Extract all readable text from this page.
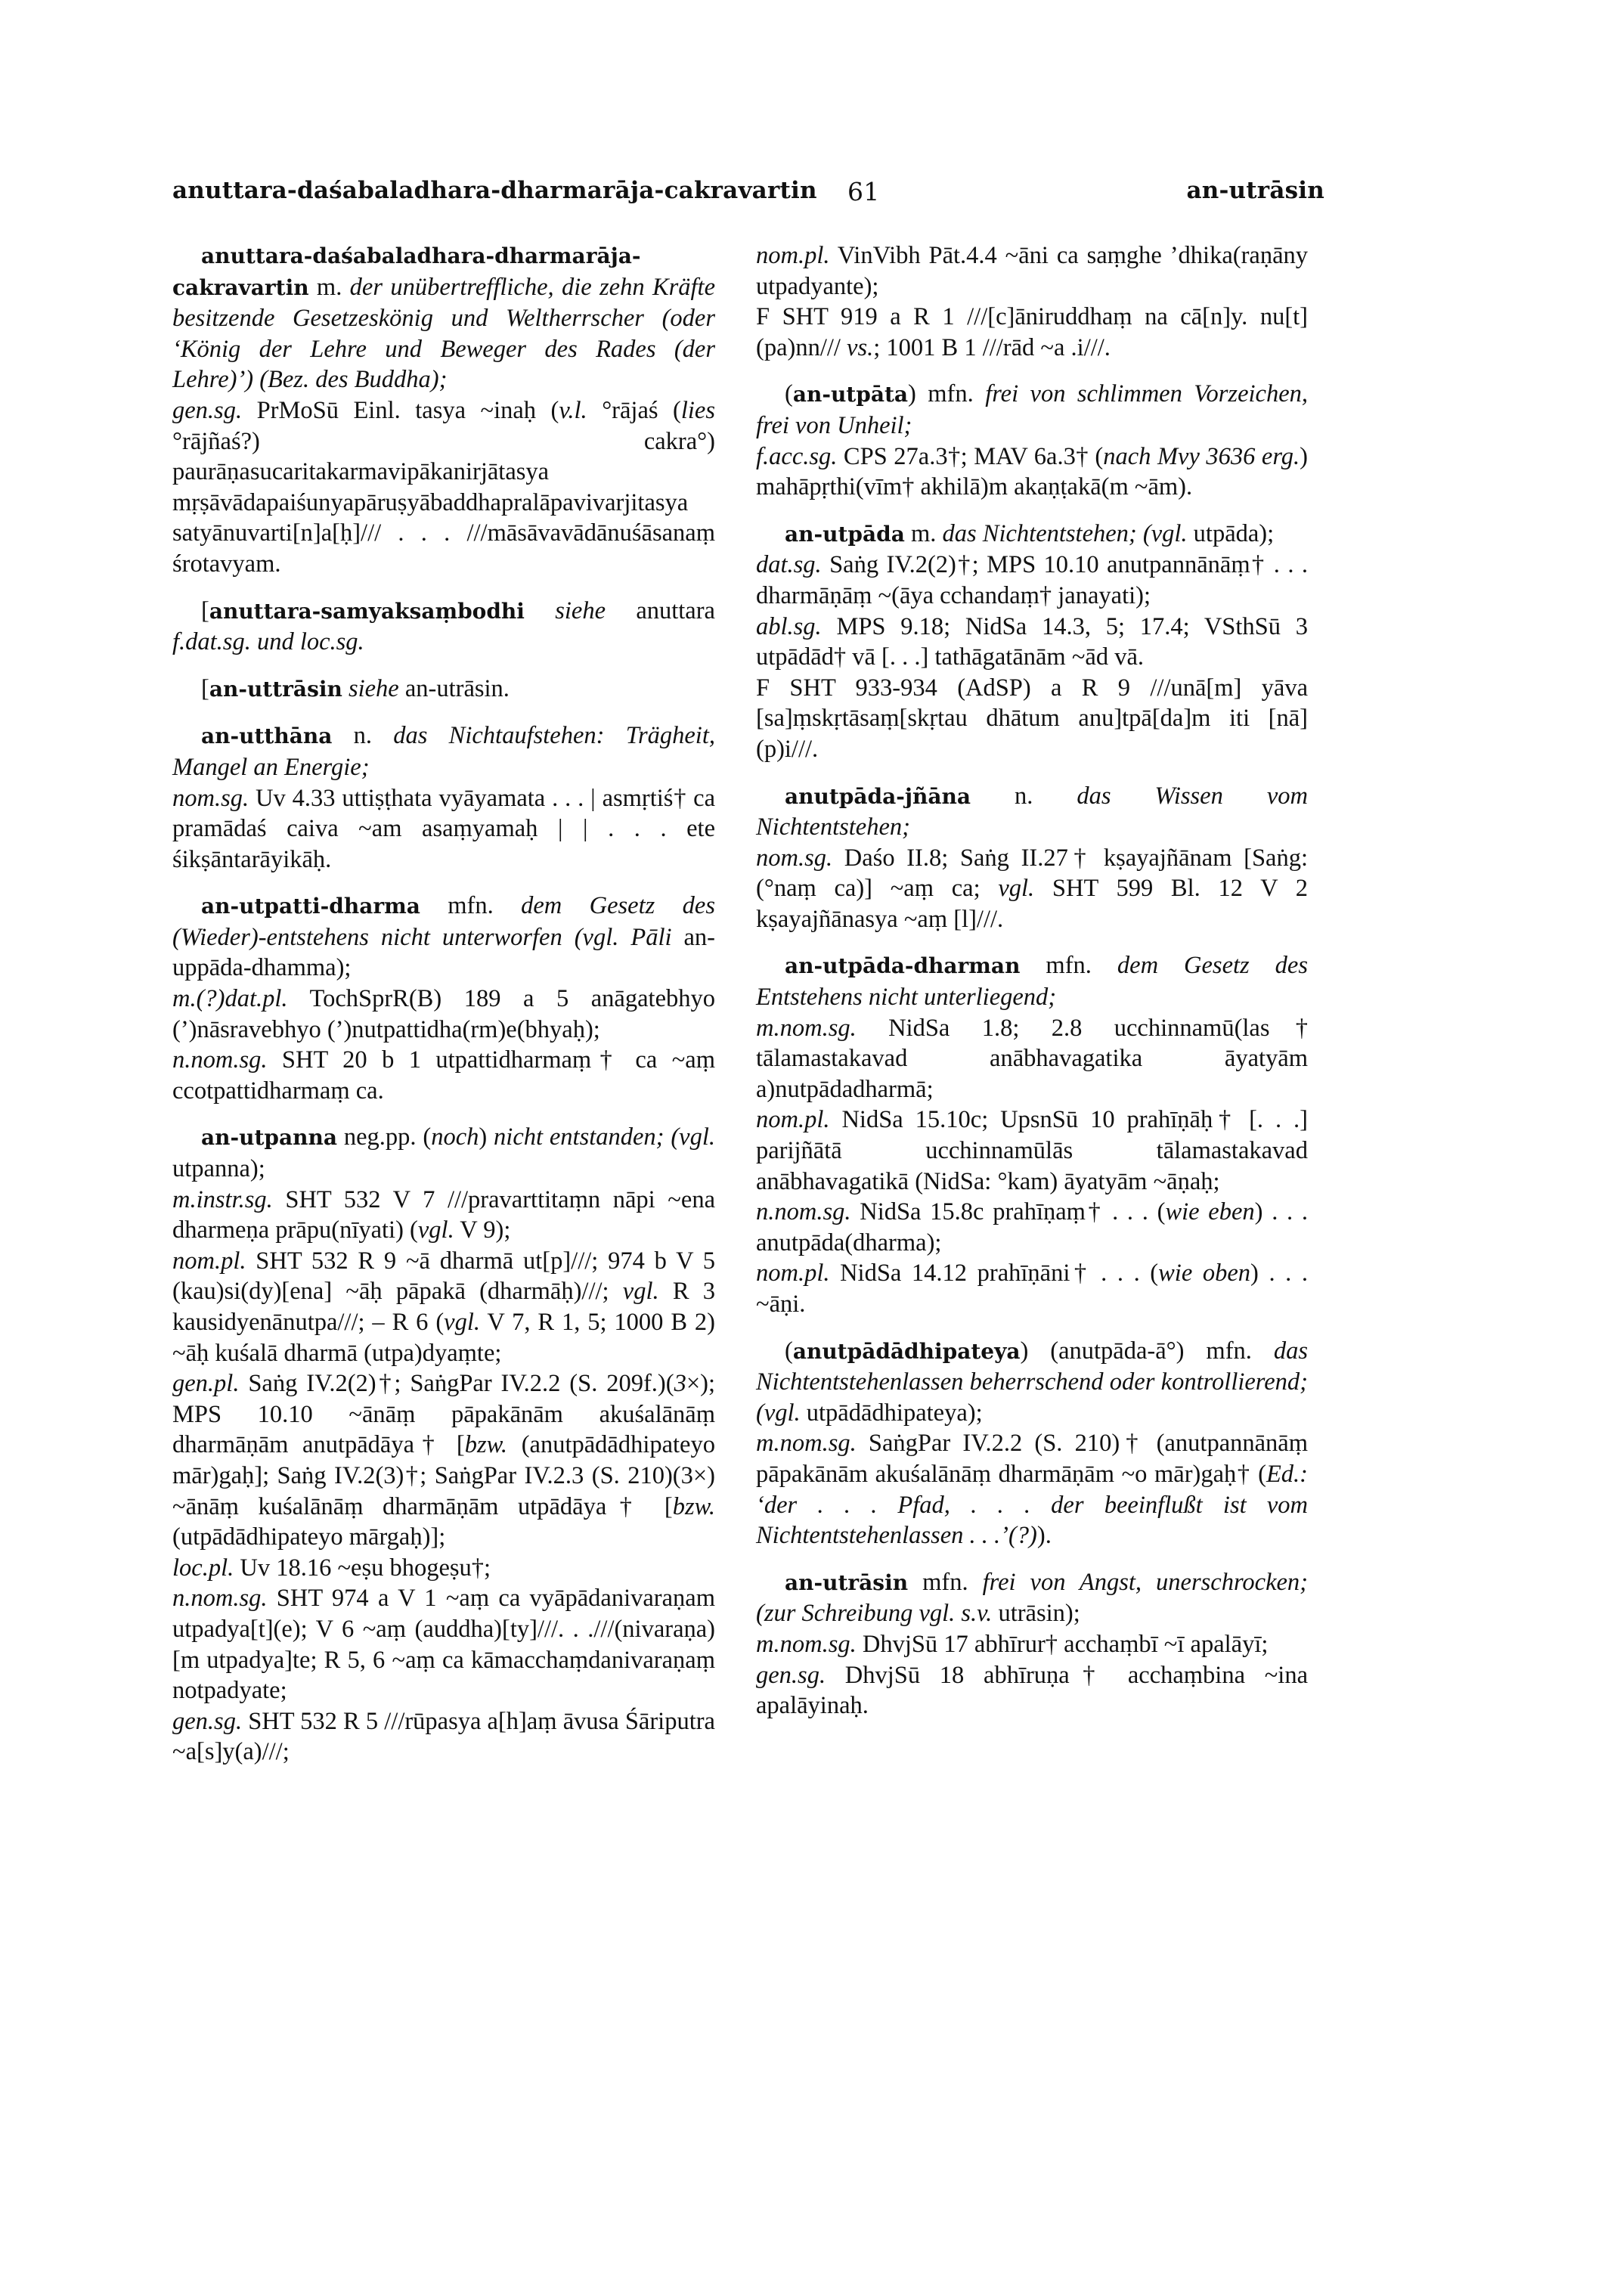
anuttara-daśabaladhara-dharmarāja-cakravartin 61	an-utrāsin

anuttara-daśabaladhara-dharmarāja-cakravartin m. der unübertreffliche, die zehn Kräfte besitzende Gesetzeskönig und Weltherrscher (oder ‘König der Lehre und Beweger des Rades (der Lehre)’) (Bez. des Buddha);

gen.sg. PrMoSū Einl. tasya ~inaḥ (v.l. °rājaś (lies °rājñaś?) cakra°) paurāṇasucaritakarmavipākanirjātasya mṛṣāvādapaiśunyapāruṣyābaddhapralāpavivarjitasya satyānuvarti[n]a[ḥ]/// . . . ///māsāvavādānuśāsanaṃ śrotavyam.

[anuttara-samyaksaṃbodhi siehe anuttara f.dat.sg. und loc.sg.

[an-uttrāsin siehe an-utrāsin.

an-utthāna n. das Nichtaufstehen: Trägheit, Mangel an Energie;

nom.sg. Uv 4.33 uttiṣṭhata vyāyamata . . . | asmṛtiś† ca pramādaś caiva ~am asaṃyamaḥ | | . . . ete śikṣāntarāyikāḥ.

an-utpatti-dharma mfn. dem Gesetz des (Wieder)-entstehens nicht unterworfen (vgl. Pāli an-uppāda-dhamma);

m.(?)dat.pl. TochSprR(B) 189 a 5 anāgatebhyo (’)nāsravebhyo (’)nutpattidha(rm)e(bhyaḥ);

n.nom.sg. SHT 20 b 1 utpattidharmaṃ† ca ~aṃ ccotpattidharmaṃ ca.

an-utpanna neg.pp. (noch) nicht entstanden; (vgl. utpanna);

m.instr.sg. SHT 532 V 7 ///pravarttitaṃn nāpi ~ena dharmeṇa prāpu(nīyati) (vgl. V 9);

nom.pl. SHT 532 R 9 ~ā dharmā ut[p]///; 974 b V 5 (kau)si(dy)[ena] ~āḥ pāpakā (dharmāḥ)///; vgl. R 3 kausidyenānutpa///; – R 6 (vgl. V 7, R 1, 5; 1000 B 2) ~āḥ kuśalā dharmā (utpa)dyaṃte;

gen.pl. Saṅg IV.2(2)†; SaṅgPar IV.2.2 (S. 209f.)(3×); MPS 10.10 ~ānāṃ pāpakānām akuśalānāṃ dharmāṇām anutpādāya† [bzw. (anutpādādhipateyo mār)gaḥ]; Saṅg IV.2(3)†; SaṅgPar IV.2.3 (S. 210)(3×) ~ānāṃ kuśalānāṃ dharmāṇām utpādāya† [bzw. (utpādādhipateyo mārgaḥ)];

loc.pl. Uv 18.16 ~eṣu bhogeṣu†;

n.nom.sg. SHT 974 a V 1 ~aṃ ca vyāpādanivaraṇam utpadya[t](e); V 6 ~aṃ (auddha)[ty]///. . .///(nivaraṇa)[m utpadya]te; R 5, 6 ~aṃ ca kāmacchaṃdanivaraṇaṃ notpadyate;

gen.sg. SHT 532 R 5 ///rūpasya a[h]aṃ āvusa Śāriputra ~a[s]y(a)///;

nom.pl. VinVibh Pāt.4.4 ~āni ca saṃghe ’dhika(raṇāny utpadyante);

F SHT 919 a R 1 ///[c]āniruddhaṃ na cā[n]y. nu[t](pa)nn/// vs.; 1001 B 1 ///rād ~a .i///.

(an-utpāta) mfn. frei von schlimmen Vorzeichen, frei von Unheil;

f.acc.sg. CPS 27a.3†; MAV 6a.3† (nach Mvy 3636 erg.) mahāpṛthi(vīm† akhilā)m akaṇṭakā(m ~ām).

an-utpāda m. das Nichtentstehen; (vgl. utpāda);

dat.sg. Saṅg IV.2(2)†; MPS 10.10 anutpannānāṃ† . . . dharmāṇāṃ ~(āya cchandaṃ† janayati);

abl.sg. MPS 9.18; NidSa 14.3, 5; 17.4; VSthSū 3 utpādād† vā [. . .] tathāgatānām ~ād vā.

F SHT 933-934 (AdSP) a R 9 ///unā[m] yāva [sa]ṃskṛtāsaṃ[skṛtau dhātum anu]tpā[da]m iti [nā](p)i///.

anutpāda-jñāna n. das Wissen vom Nichtentstehen;

nom.sg. Daśo II.8; Saṅg II.27† kṣayajñānam [Saṅg: (°naṃ ca)] ~aṃ ca; vgl. SHT 599 Bl. 12 V 2 kṣayajñānasya ~aṃ [l]///.

an-utpāda-dharman mfn. dem Gesetz des Entstehens nicht unterliegend;

m.nom.sg. NidSa 1.8; 2.8 ucchinnamū(las† tālamastakavad anābhavagatika āyatyām a)nutpādadharmā;

nom.pl. NidSa 15.10c; UpsnSū 10 prahīṇāḥ† [. . .] parijñātā ucchinnamūlās tālamastakavad anābhavagatikā (NidSa: °kam) āyatyām ~āṇaḥ;

n.nom.sg. NidSa 15.8c prahīṇaṃ† . . . (wie eben) . . . anutpāda(dharma);

nom.pl. NidSa 14.12 prahīṇāni† . . . (wie oben) . . . ~āṇi.

(anutpādādhipateya) (anutpāda-ā°) mfn. das Nichtentstehenlassen beherrschend oder kontrollierend; (vgl. utpādādhipateya);

m.nom.sg. SaṅgPar IV.2.2 (S. 210)† (anutpannānāṃ pāpakānām akuśalānāṃ dharmāṇām ~o mār)gaḥ† (Ed.: ‘der . . . Pfad, . . . der beeinflußt ist vom Nichtentstehenlassen . . .’(?)).

an-utrāsin mfn. frei von Angst, unerschrocken; (zur Schreibung vgl. s.v. utrāsin);

m.nom.sg. DhvjSū 17 abhīrur† acchaṃbī ~ī apalāyī;

gen.sg. DhvjSū 18 abhīruṇa† acchaṃbina ~ina apalāyinaḥ.
